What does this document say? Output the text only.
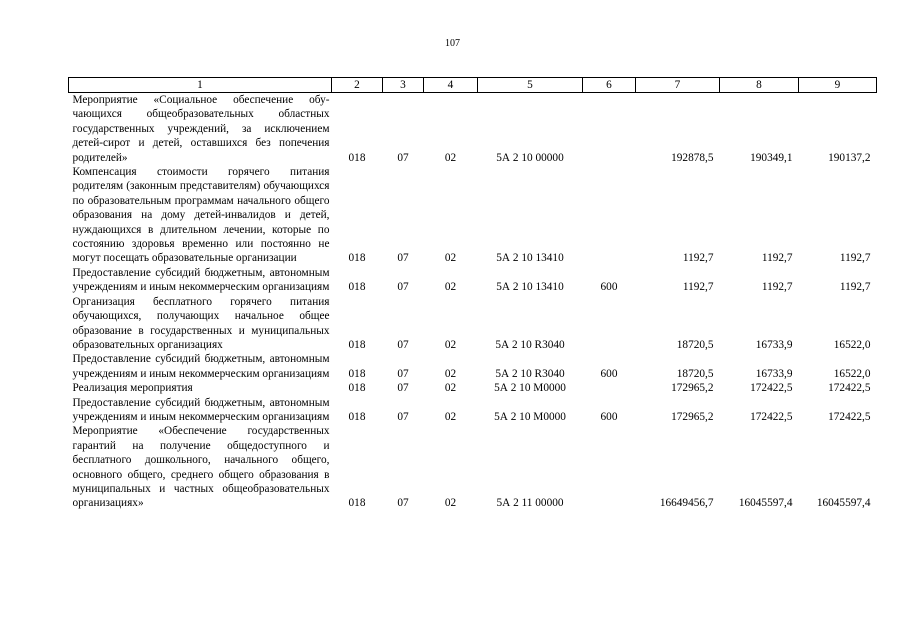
107
1	2	3	4	5	6	7	8	9
Мероприятие «Социальное обеспечение обучающихся общеобразовательных областных государственных учреждений, за исключением детей-сирот и детей, оставшихся без попечения родителей»	018	07	02	5А 2 10 00000		192878,5	190349,1	190137,2
Компенсация стоимости горячего питания родителям (законным представителям) обучающихся по образовательным программам начального общего образования на дому детей-инвалидов и детей, нуждающихся в длительном лечении, которые по состоянию здоровья временно или постоянно не могут посещать образовательные организации	018	07	02	5А 2 10 13410		1192,7	1192,7	1192,7
Предоставление субсидий бюджетным, автономным учреждениям и иным некоммерческим организациям	018	07	02	5А 2 10 13410	600	1192,7	1192,7	1192,7
Организация бесплатного горячего питания обучающихся, получающих начальное общее образование в государственных и муниципальных образовательных организациях	018	07	02	5А 2 10 R3040		18720,5	16733,9	16522,0
Предоставление субсидий бюджетным, автономным учреждениям и иным некоммерческим организациям	018	07	02	5А 2 10 R3040	600	18720,5	16733,9	16522,0
Реализация мероприятия	018	07	02	5А 2 10 М0000		172965,2	172422,5	172422,5
Предоставление субсидий бюджетным, автономным учреждениям и иным некоммерческим организациям	018	07	02	5А 2 10 М0000	600	172965,2	172422,5	172422,5
Мероприятие «Обеспечение государственных гарантий на получение общедоступного и бесплатного дошкольного, начального общего, основного общего, среднего общего образования в муниципальных и частных общеобразовательных организациях»	018	07	02	5А 2 11 00000		16649456,7	16045597,4	16045597,4
